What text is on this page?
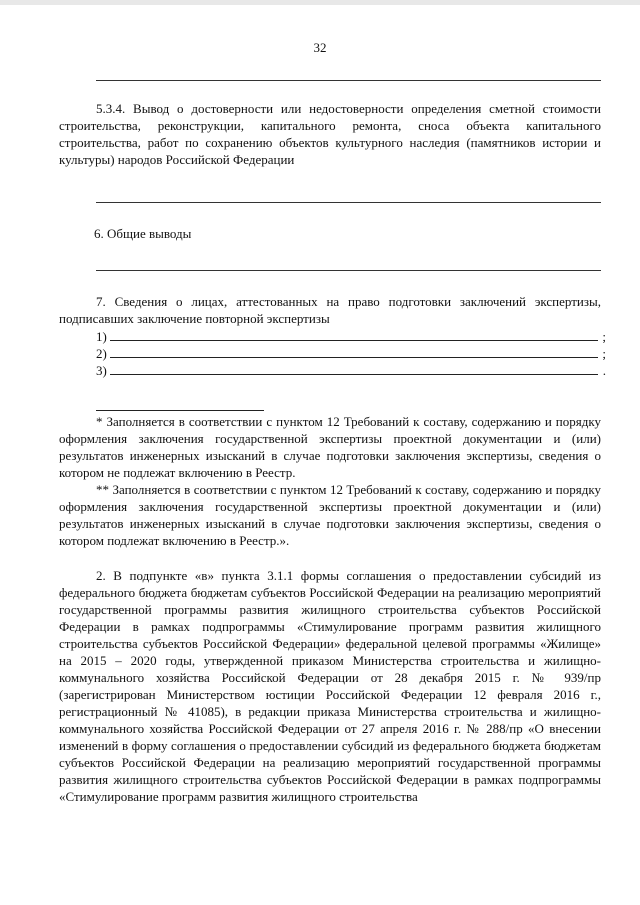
32
5.3.4. Вывод о достоверности или недостоверности определения сметной стоимости строительства, реконструкции, капитального ремонта, сноса объекта капитального строительства, работ по сохранению объектов культурного наследия (памятников истории и культуры) народов Российской Федерации
6. Общие выводы
7. Сведения о лицах, аттестованных на право подготовки заключений экспертизы, подписавших заключение повторной экспертизы
1)	;
2)	;
3)	.
* Заполняется в соответствии с пунктом 12 Требований к составу, содержанию и порядку оформления заключения государственной экспертизы проектной документации и (или) результатов инженерных изысканий в случае подготовки заключения экспертизы, сведения о котором не подлежат включению в Реестр.
** Заполняется в соответствии с пунктом 12 Требований к составу, содержанию и порядку оформления заключения государственной экспертизы проектной документации и (или) результатов инженерных изысканий в случае подготовки заключения экспертизы, сведения о котором подлежат включению в Реестр.».
2. В подпункте «в» пункта 3.1.1 формы соглашения о предоставлении субсидий из федерального бюджета бюджетам субъектов Российской Федерации на реализацию мероприятий государственной программы развития жилищного строительства субъектов Российской Федерации в рамках подпрограммы «Стимулирование программ развития жилищного строительства субъектов Российской Федерации» федеральной целевой программы «Жилище» на 2015 – 2020 годы, утвержденной приказом Министерства строительства и жилищно-коммунального хозяйства Российской Федерации от 28 декабря 2015 г. № 939/пр (зарегистрирован Министерством юстиции Российской Федерации 12 февраля 2016 г., регистрационный № 41085), в редакции приказа Министерства строительства и жилищно-коммунального хозяйства Российской Федерации от 27 апреля 2016 г. № 288/пр «О внесении изменений в форму соглашения о предоставлении субсидий из федерального бюджета бюджетам субъектов Российской Федерации на реализацию мероприятий государственной программы развития жилищного строительства субъектов Российской Федерации в рамках подпрограммы «Стимулирование программ развития жилищного строительства
